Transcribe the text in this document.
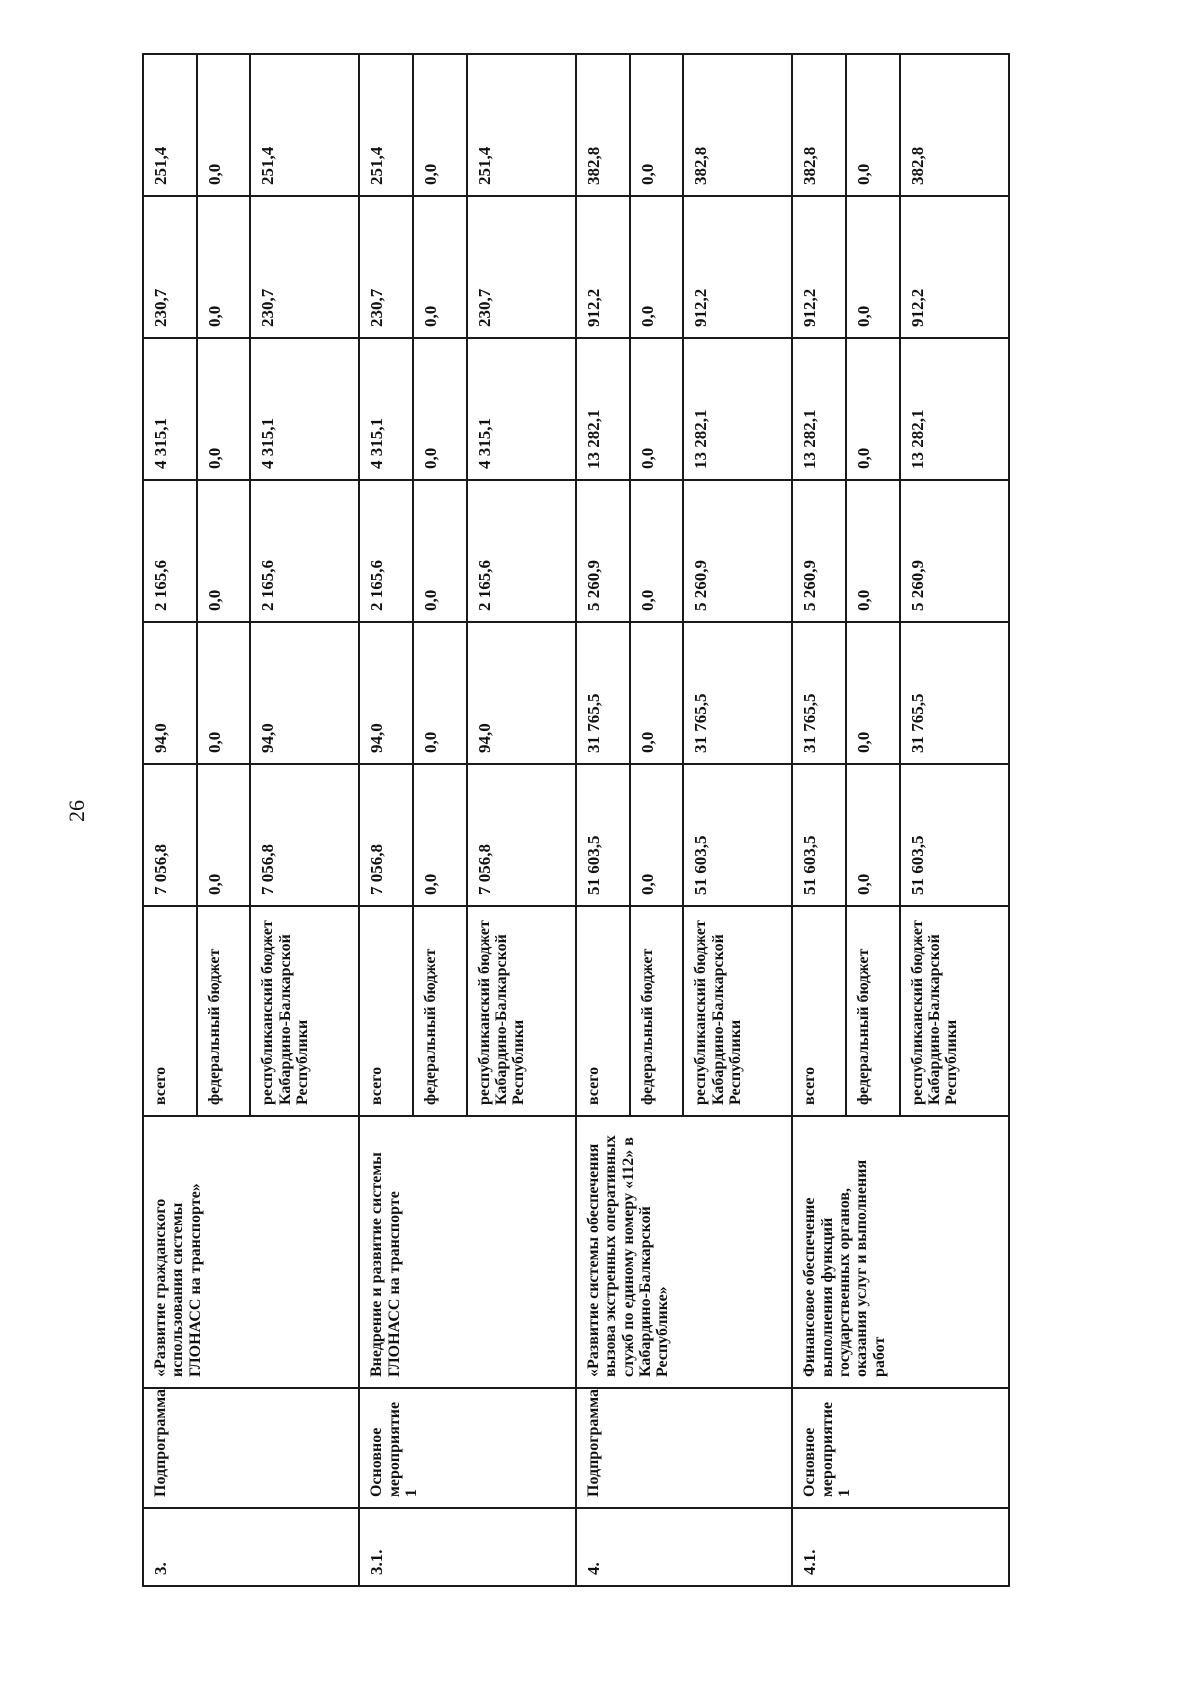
26
3.	Подпрограмма	«Развитие гражданского использования системы ГЛОНАСС на транспорте»	всего	7 056,8	94,0	2 165,6	4 315,1	230,7	251,4
			федеральный бюджет	0,0	0,0	0,0	0,0	0,0	0,0
			республиканский бюджет Кабардино-Балкарской Республики	7 056,8	94,0	2 165,6	4 315,1	230,7	251,4
3.1.	Основное мероприятие 1	Внедрение и развитие системы ГЛОНАСС на транспорте	всего	7 056,8	94,0	2 165,6	4 315,1	230,7	251,4
			федеральный бюджет	0,0	0,0	0,0	0,0	0,0	0,0
			республиканский бюджет Кабардино-Балкарской Республики	7 056,8	94,0	2 165,6	4 315,1	230,7	251,4
4.	Подпрограмма	«Развитие системы обеспечения вызова экстренных оперативных служб по единому номеру «112» в Кабардино-Балкарской Республике»	всего	51 603,5	31 765,5	5 260,9	13 282,1	912,2	382,8
			федеральный бюджет	0,0	0,0	0,0	0,0	0,0	0,0
			республиканский бюджет Кабардино-Балкарской Республики	51 603,5	31 765,5	5 260,9	13 282,1	912,2	382,8
4.1.	Основное мероприятие 1	Финансовое обеспечение выполнения функций государственных органов, оказания услуг и выполнения работ	всего	51 603,5	31 765,5	5 260,9	13 282,1	912,2	382,8
			федеральный бюджет	0,0	0,0	0,0	0,0	0,0	0,0
			республиканский бюджет Кабардино-Балкарской Республики	51 603,5	31 765,5	5 260,9	13 282,1	912,2	382,8
